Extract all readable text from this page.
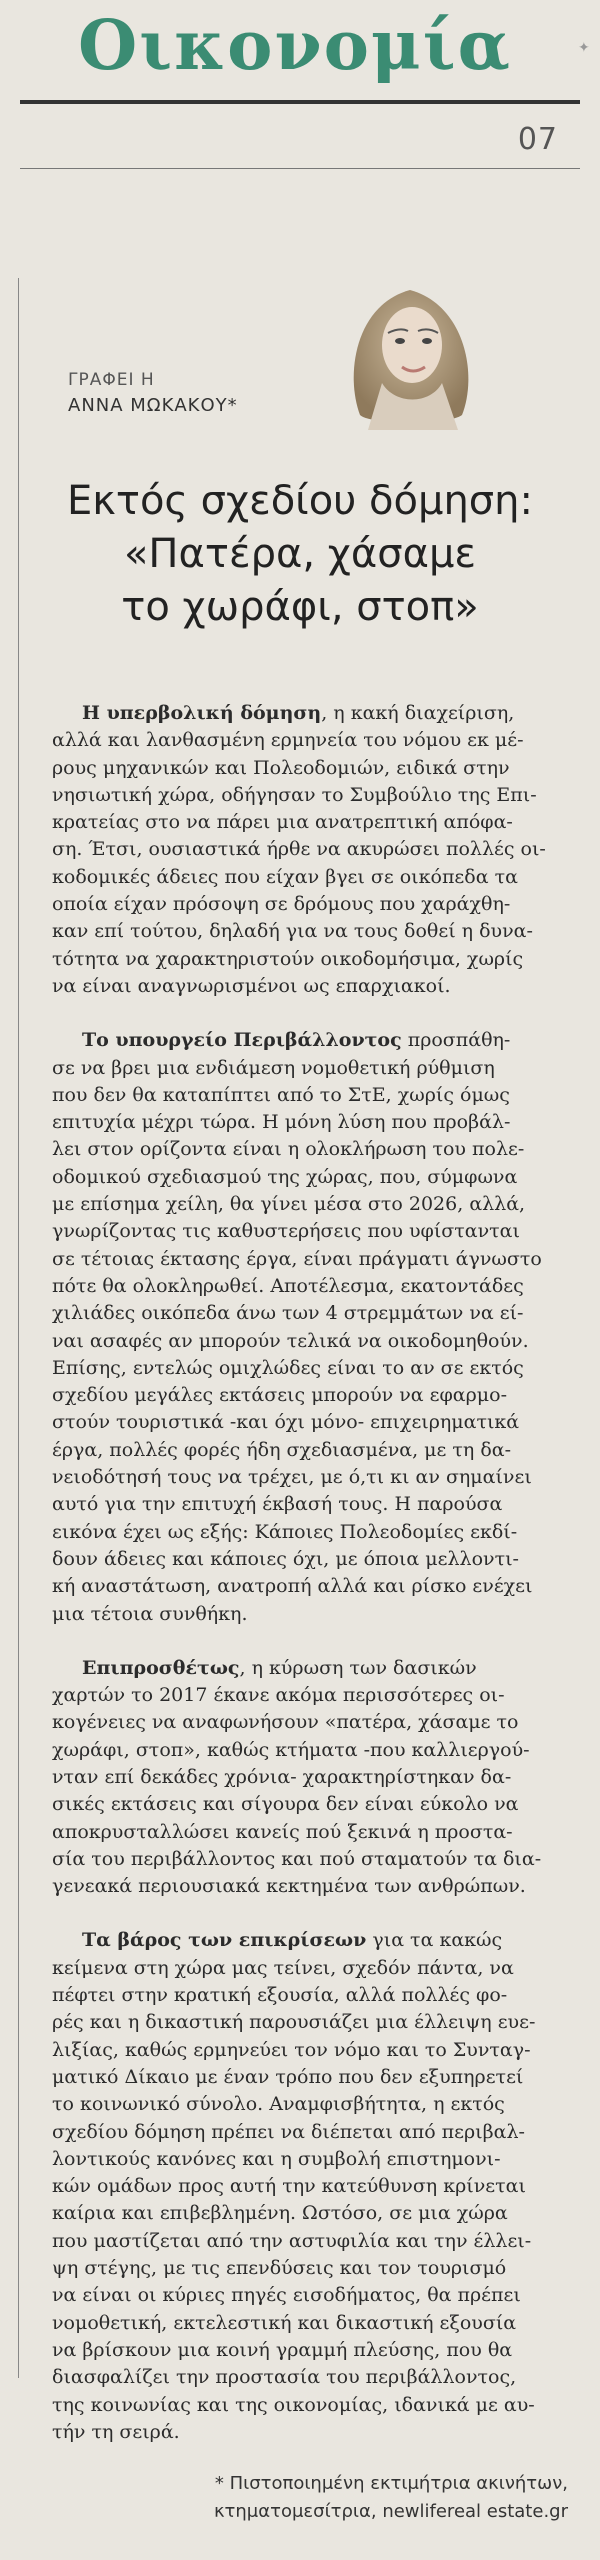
Οικονομία	✦
07
ΓΡΑΦΕΙ Η
ΑΝΝΑ ΜΩΚΑΚΟΥ*
Εκτός σχεδίου δόμηση:
«Πατέρα, χάσαμε
το χωράφι, στοπ»

Η υπερβολική δόμηση, η κακή διαχείριση,
αλλά και λανθασμένη ερμηνεία του νόμου εκ μέ-
ρους μηχανικών και Πολεοδομιών, ειδικά στην
νησιωτική χώρα, οδήγησαν το Συμβούλιο της Επι-
κρατείας στο να πάρει μια ανατρεπτική απόφα-
ση. Έτσι, ουσιαστικά ήρθε να ακυρώσει πολλές οι-
κοδομικές άδειες που είχαν βγει σε οικόπεδα τα
οποία είχαν πρόσοψη σε δρόμους που χαράχθη-
καν επί τούτου, δηλαδή για να τους δοθεί η δυνα-
τότητα να χαρακτηριστούν οικοδομήσιμα, χωρίς
να είναι αναγνωρισμένοι ως επαρχιακοί.

Το υπουργείο Περιβάλλοντος προσπάθη-
σε να βρει μια ενδιάμεση νομοθετική ρύθμιση
που δεν θα καταπίπτει από το ΣτΕ, χωρίς όμως
επιτυχία μέχρι τώρα. Η μόνη λύση που προβάλ-
λει στον ορίζοντα είναι η ολοκλήρωση του πολε-
οδομικού σχεδιασμού της χώρας, που, σύμφωνα
με επίσημα χείλη, θα γίνει μέσα στο 2026, αλλά,
γνωρίζοντας τις καθυστερήσεις που υφίστανται
σε τέτοιας έκτασης έργα, είναι πράγματι άγνωστο
πότε θα ολοκληρωθεί. Αποτέλεσμα, εκατοντάδες
χιλιάδες οικόπεδα άνω των 4 στρεμμάτων να εί-
ναι ασαφές αν μπορούν τελικά να οικοδομηθούν.
Επίσης, εντελώς ομιχλώδες είναι το αν σε εκτός
σχεδίου μεγάλες εκτάσεις μπορούν να εφαρμο-
στούν τουριστικά -και όχι μόνο- επιχειρηματικά
έργα, πολλές φορές ήδη σχεδιασμένα, με τη δα-
νειοδότησή τους να τρέχει, με ό,τι κι αν σημαίνει
αυτό για την επιτυχή έκβασή τους. Η παρούσα
εικόνα έχει ως εξής: Κάποιες Πολεοδομίες εκδί-
δουν άδειες και κάποιες όχι, με όποια μελλοντι-
κή αναστάτωση, ανατροπή αλλά και ρίσκο ενέχει
μια τέτοια συνθήκη.

Επιπροσθέτως, η κύρωση των δασικών
χαρτών το 2017 έκανε ακόμα περισσότερες οι-
κογένειες να αναφωνήσουν «πατέρα, χάσαμε το
χωράφι, στοπ», καθώς κτήματα -που καλλιεργού-
νταν επί δεκάδες χρόνια- χαρακτηρίστηκαν δα-
σικές εκτάσεις και σίγουρα δεν είναι εύκολο να
αποκρυσταλλώσει κανείς πού ξεκινά η προστα-
σία του περιβάλλοντος και πού σταματούν τα δια-
γενεακά περιουσιακά κεκτημένα των ανθρώπων.

Τα βάρος των επικρίσεων για τα κακώς
κείμενα στη χώρα μας τείνει, σχεδόν πάντα, να
πέφτει στην κρατική εξουσία, αλλά πολλές φο-
ρές και η δικαστική παρουσιάζει μια έλλειψη ευε-
λιξίας, καθώς ερμηνεύει τον νόμο και το Συνταγ-
ματικό Δίκαιο με έναν τρόπο που δεν εξυπηρετεί
το κοινωνικό σύνολο. Αναμφισβήτητα, η εκτός
σχεδίου δόμηση πρέπει να διέπεται από περιβαλ-
λοντικούς κανόνες και η συμβολή επιστημονι-
κών ομάδων προς αυτή την κατεύθυνση κρίνεται
καίρια και επιβεβλημένη. Ωστόσο, σε μια χώρα
που μαστίζεται από την αστυφιλία και την έλλει-
ψη στέγης, με τις επενδύσεις και τον τουρισμό
να είναι οι κύριες πηγές εισοδήματος, θα πρέπει
νομοθετική, εκτελεστική και δικαστική εξουσία
να βρίσκουν μια κοινή γραμμή πλεύσης, που θα
διασφαλίζει την προστασία του περιβάλλοντος,
της κοινωνίας και της οικονομίας, ιδανικά με αυ-
τήν τη σειρά.

* Πιστοποιημένη εκτιμήτρια ακινήτων,
κτηματομεσίτρια, newlifereal estate.gr
